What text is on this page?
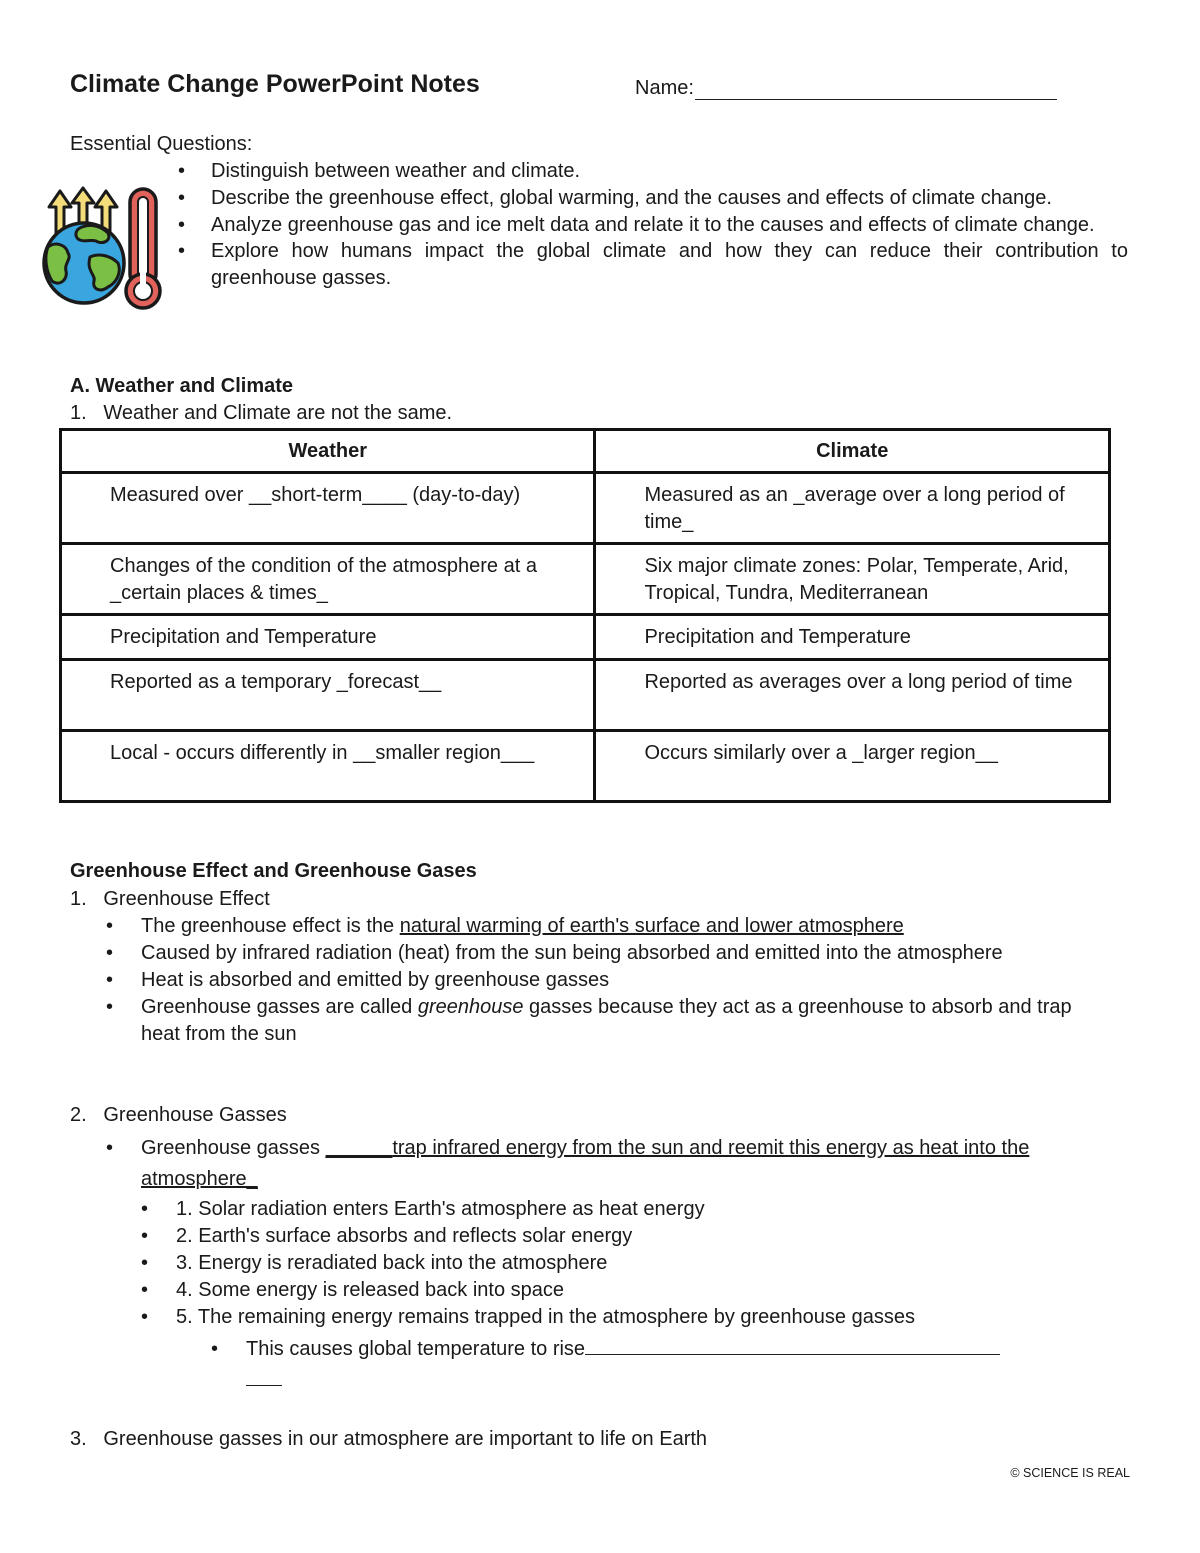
Climate Change PowerPoint Notes	Name:
Essential Questions:
• Distinguish between weather and climate.
• Describe the greenhouse effect, global warming, and the causes and effects of climate change.
• Analyze greenhouse gas and ice melt data and relate it to the causes and effects of climate change.
• Explore how humans impact the global climate and how they can reduce their contribution to greenhouse gasses.
A. Weather and Climate
1. Weather and Climate are not the same.
Weather	Climate

Measured over __short-term____ (day-to-day)	Measured as an _average over a long period of time_

Changes of the condition of the atmosphere at a _certain places & times_	Six major climate zones: Polar, Temperate, Arid, Tropical, Tundra, Mediterranean

Precipitation and Temperature	Precipitation and Temperature

Reported as a temporary _forecast__	Reported as averages over a long period of time

Local - occurs differently in __smaller region___	Occurs similarly over a _larger region__
Greenhouse Effect and Greenhouse Gases
1. Greenhouse Effect
• The greenhouse effect is the natural warming of earth's surface and lower atmosphere
• Caused by infrared radiation (heat) from the sun being absorbed and emitted into the atmosphere
• Heat is absorbed and emitted by greenhouse gasses
• Greenhouse gasses are called greenhouse gasses because they act as a greenhouse to absorb and trap heat from the sun
2. Greenhouse Gasses
• Greenhouse gasses ______trap infrared energy from the sun and reemit this energy as heat into the atmosphere_
• 1. Solar radiation enters Earth's atmosphere as heat energy
• 2. Earth's surface absorbs and reflects solar energy
• 3. Energy is reradiated back into the atmosphere
• 4. Some energy is released back into space
• 5. The remaining energy remains trapped in the atmosphere by greenhouse gasses
• This causes global temperature to rise
3. Greenhouse gasses in our atmosphere are important to life on Earth
© SCIENCE IS REAL
